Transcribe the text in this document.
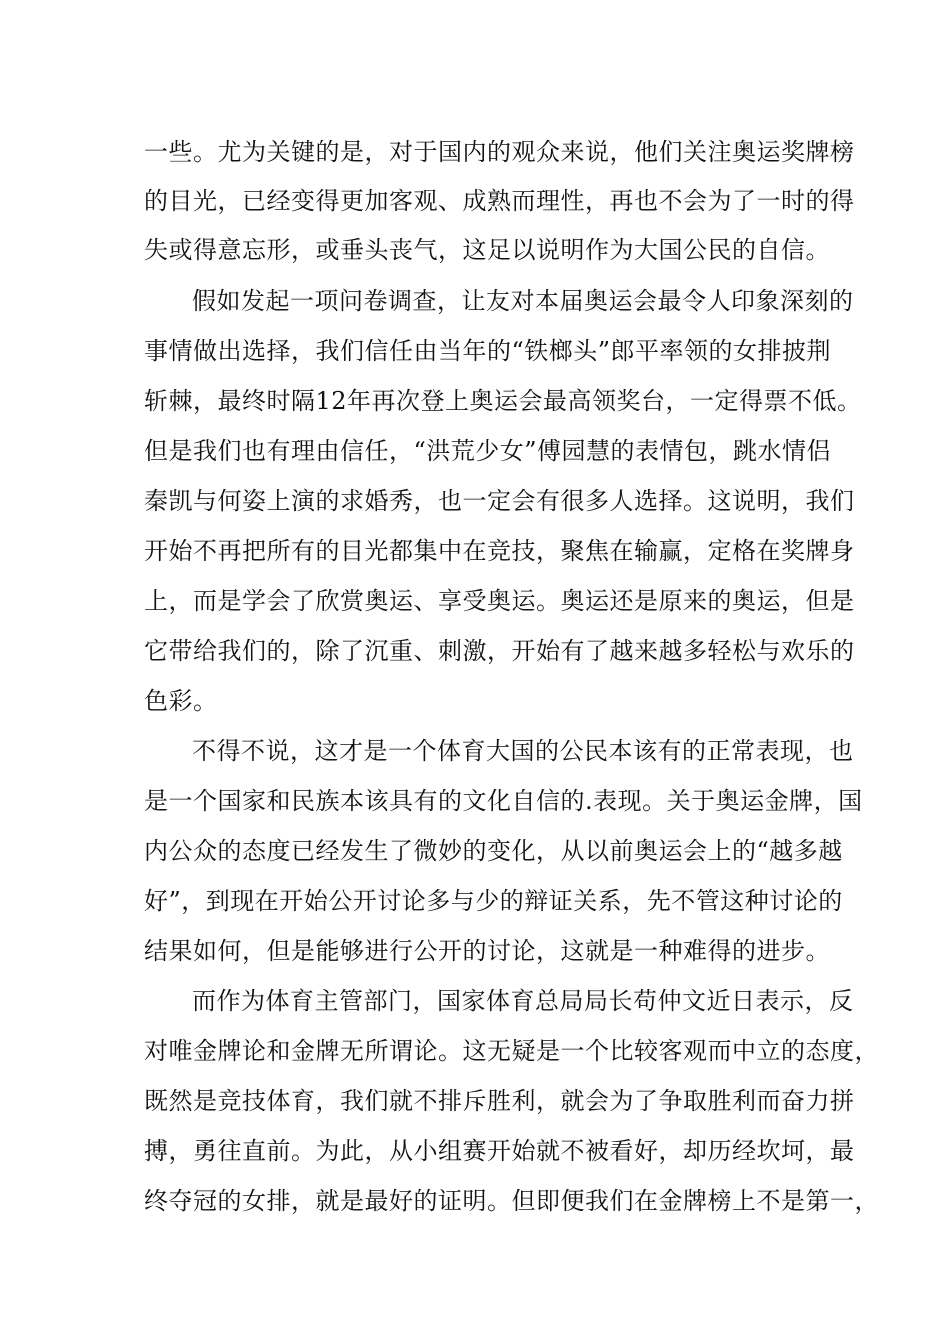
一些。尤为关键的是，对于国内的观众来说，他们关注奥运奖牌榜
的目光，已经变得更加客观、成熟而理性，再也不会为了一时的得
失或得意忘形，或垂头丧气，这足以说明作为大国公民的自信。
假如发起一项问卷调查，让友对本届奥运会最令人印象深刻的
事情做出选择，我们信任由当年的“铁榔头”郎平率领的女排披荆
斩棘，最终时隔12年再次登上奥运会最高领奖台，一定得票不低。
但是我们也有理由信任，“洪荒少女”傅园慧的表情包，跳水情侣
秦凯与何姿上演的求婚秀，也一定会有很多人选择。这说明，我们
开始不再把所有的目光都集中在竞技，聚焦在输赢，定格在奖牌身
上，而是学会了欣赏奥运、享受奥运。奥运还是原来的奥运，但是
它带给我们的，除了沉重、刺激，开始有了越来越多轻松与欢乐的
色彩。
不得不说，这才是一个体育大国的公民本该有的正常表现，也
是一个国家和民族本该具有的文化自信的.表现。关于奥运金牌，国
内公众的态度已经发生了微妙的变化，从以前奥运会上的“越多越
好”，到现在开始公开讨论多与少的辩证关系，先不管这种讨论的
结果如何，但是能够进行公开的讨论，这就是一种难得的进步。
而作为体育主管部门，国家体育总局局长苟仲文近日表示，反
对唯金牌论和金牌无所谓论。这无疑是一个比较客观而中立的态度，
既然是竞技体育，我们就不排斥胜利，就会为了争取胜利而奋力拼
搏，勇往直前。为此，从小组赛开始就不被看好，却历经坎坷，最
终夺冠的女排，就是最好的证明。但即便我们在金牌榜上不是第一，
